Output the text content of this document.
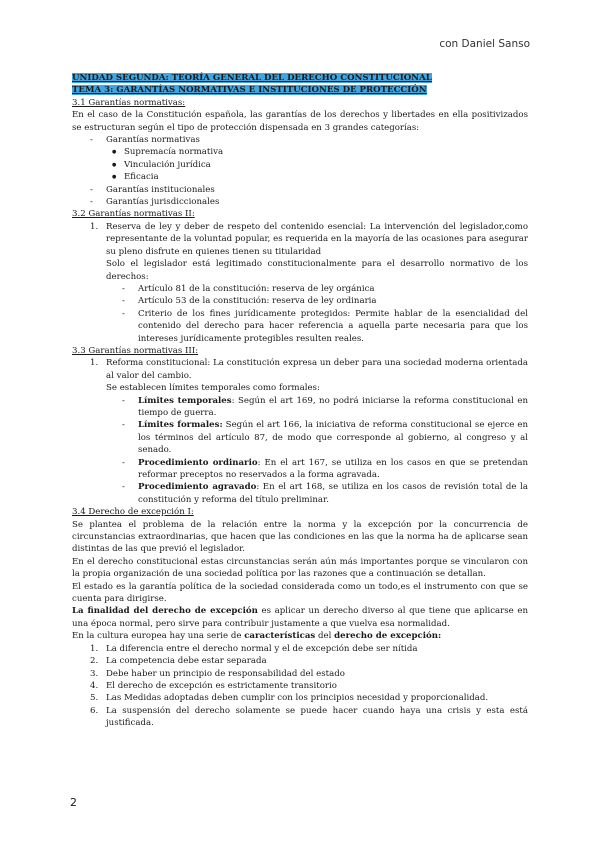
con Daniel Sanso
UNIDAD SEGUNDA: TEORÍA GENERAL DEL DERECHO CONSTITUCIONAL
TEMA 3: GARANTÍAS NORMATIVAS E INSTITUCIONES DE PROTECCIÓN

3.1 Garantías normativas:

En el caso de la Constitución española, las garantías de los derechos y libertades en ella positivizados se estructuran según el tipo de protección dispensada en 3 grandes categorías:

- Garantías normativas
● Supremacía normativa
● Vinculación jurídica
● Eficacia
- Garantías institucionales
- Garantías jurisdiccionales

3.2 Garantías normativas II:

1. Reserva de ley y deber de respeto del contenido esencial: La intervención del legislador,como representante de la voluntad popular, es requerida en la mayoría de las ocasiones para asegurar su pleno disfrute en quienes tienen su titularidad

Solo el legislador está legitimado constitucionalmente para el desarrollo normativo de los derechos:

- Artículo 81 de la constitución: reserva de ley orgánica
- Artículo 53 de la constitución: reserva de ley ordinaria
- Criterio de los fines jurídicamente protegidos: Permite hablar de la esencialidad del contenido del derecho para hacer referencia a aquella parte necesaria para que los intereses jurídicamente protegibles resulten reales.

3.3 Garantías normativas III:

1. Reforma constitucional: La constitución expresa un deber para una sociedad moderna orientada al valor del cambio.

Se establecen límites temporales como formales:

- Límites temporales: Según el art 169, no podrá iniciarse la reforma constitucional en tiempo de guerra.
- Límites formales: Según el art 166, la iniciativa de reforma constitucional se ejerce en los términos del artículo 87, de modo que corresponde al gobierno, al congreso y al senado.
- Procedimiento ordinario: En el art 167, se utiliza en los casos en que se pretendan reformar preceptos no reservados a la forma agravada.
- Procedimiento agravado: En el art 168, se utiliza en los casos de revisión total de la constitución y reforma del título preliminar.

3.4 Derecho de excepción I:

Se plantea el problema de la relación entre la norma y la excepción por la concurrencia de circunstancias extraordinarias, que hacen que las condiciones en las que la norma ha de aplicarse sean distintas de las que previó el legislador.

En el derecho constitucional estas circunstancias serán aún más importantes porque se vincularon con la propia organización de una sociedad política por las razones que a continuación se detallan.

El estado es la garantía política de la sociedad considerada como un todo,es el instrumento con que se cuenta para dirigirse.

La finalidad del derecho de excepción es aplicar un derecho diverso al que tiene que aplicarse en una época normal, pero sirve para contribuir justamente a que vuelva esa normalidad.

En la cultura europea hay una serie de características del derecho de excepción:

1. La diferencia entre el derecho normal y el de excepción debe ser nítida
2. La competencia debe estar separada
3. Debe haber un principio de responsabilidad del estado
4. El derecho de excepción es estrictamente transitorio
5. Las Medidas adoptadas deben cumplir con los principios necesidad y proporcionalidad.
6. La suspensión del derecho solamente se puede hacer cuando haya una crisis y esta está justificada.
2
